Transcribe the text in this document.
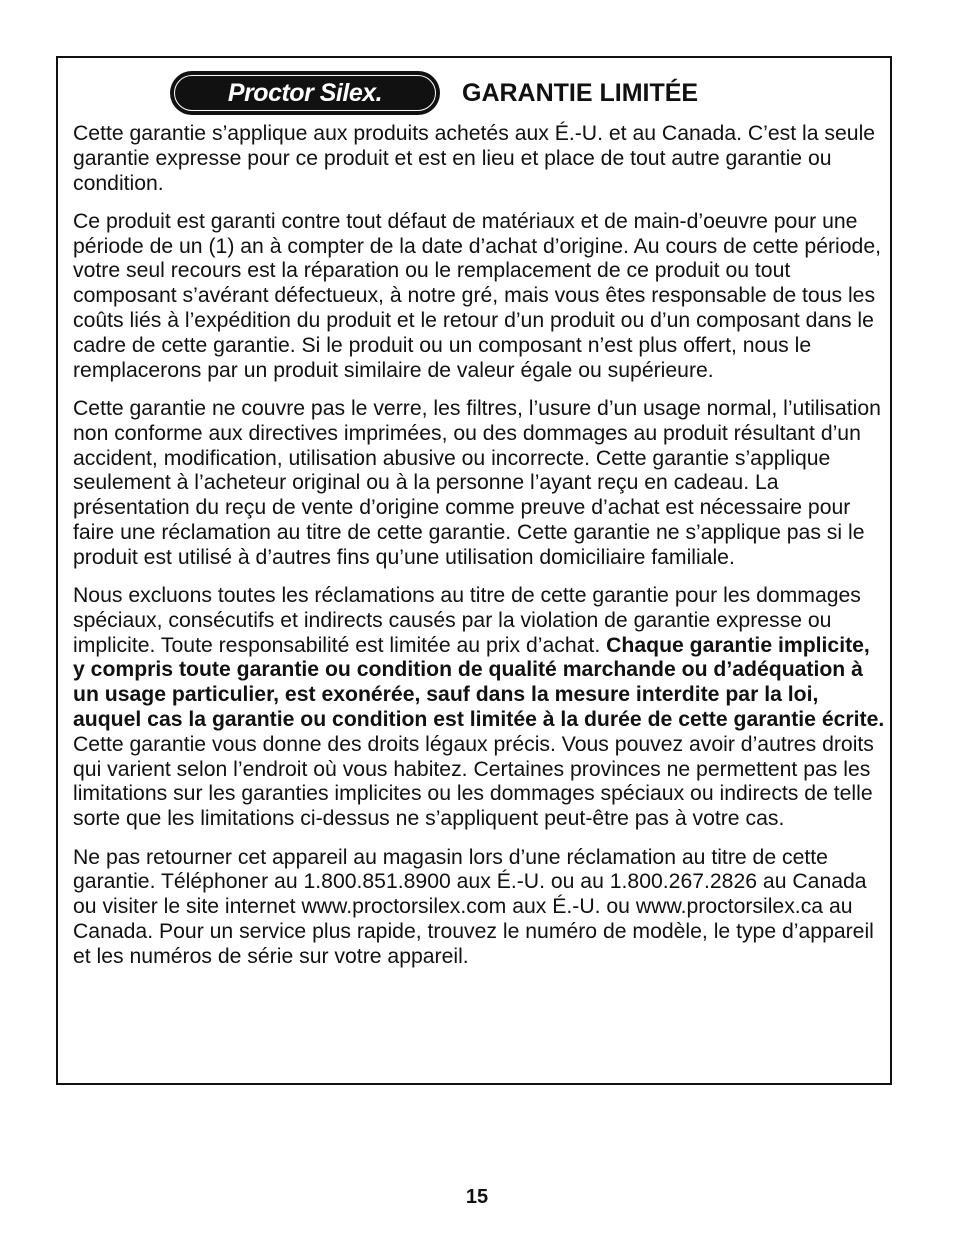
Proctor Silex.	GARANTIE LIMITÉE

Cette garantie s’applique aux produits achetés aux É.-U. et au Canada. C’est la seule garantie expresse pour ce produit et est en lieu et place de tout autre garantie ou condition.

Ce produit est garanti contre tout défaut de matériaux et de main-d’oeuvre pour une période de un (1) an à compter de la date d’achat d’origine. Au cours de cette période, votre seul recours est la réparation ou le remplacement de ce produit ou tout composant s’avérant défectueux, à notre gré, mais vous êtes responsable de tous les coûts liés à l’expédition du produit et le retour d’un produit ou d’un composant dans le cadre de cette garantie. Si le produit ou un composant n’est plus offert, nous le remplacerons par un produit similaire de valeur égale ou supérieure.

Cette garantie ne couvre pas le verre, les filtres, l’usure d’un usage normal, l’utilisation non conforme aux directives imprimées, ou des dommages au produit résultant d’un accident, modification, utilisation abusive ou incorrecte. Cette garantie s’applique seulement à l’acheteur original ou à la personne l’ayant reçu en cadeau. La présentation du reçu de vente d’origine comme preuve d’achat est nécessaire pour faire une réclamation au titre de cette garantie. Cette garantie ne s’applique pas si le produit est utilisé à d’autres fins qu’une utilisation domiciliaire familiale.

Nous excluons toutes les réclamations au titre de cette garantie pour les dommages spéciaux, consécutifs et indirects causés par la violation de garantie expresse ou implicite. Toute responsabilité est limitée au prix d’achat. Chaque garantie implicite, y compris toute garantie ou condition de qualité marchande ou d’adéquation à un usage particulier, est exonérée, sauf dans la mesure interdite par la loi, auquel cas la garantie ou condition est limitée à la durée de cette garantie écrite. Cette garantie vous donne des droits légaux précis. Vous pouvez avoir d’autres droits qui varient selon l’endroit où vous habitez. Certaines provinces ne permettent pas les limitations sur les garanties implicites ou les dommages spéciaux ou indirects de telle sorte que les limitations ci-dessus ne s’appliquent peut-être pas à votre cas.

Ne pas retourner cet appareil au magasin lors d’une réclamation au titre de cette garantie. Téléphoner au 1.800.851.8900 aux É.-U. ou au 1.800.267.2826 au Canada ou visiter le site internet www.proctorsilex.com aux É.-U. ou www.proctorsilex.ca au Canada. Pour un service plus rapide, trouvez le numéro de modèle, le type d’appareil et les numéros de série sur votre appareil.

15
